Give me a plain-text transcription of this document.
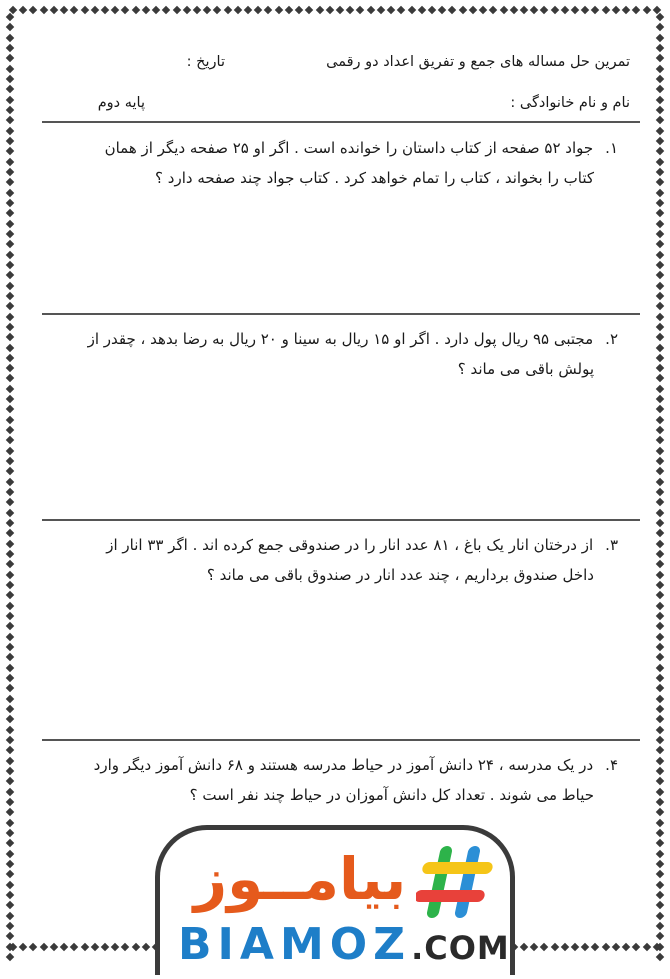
تمرین حل مساله های جمع و تفریق اعداد دو رقمی
تاریخ :
نام و نام خانوادگی :
پایه دوم
۱.جواد ۵۲ صفحه از کتاب داستان را خوانده است . اگر او ۲۵ صفحه دیگر از همان
کتاب را بخواند ، کتاب را تمام خواهد کرد . کتاب جواد چند صفحه دارد ؟
۲.مجتبی ۹۵ ریال پول دارد . اگر او ۱۵ ریال به سینا و ۲۰ ریال به رضا بدهد ، چقدر از
پولش باقی می ماند ؟
۳.از درختان انار یک باغ ، ۸۱ عدد انار را در صندوقی جمع کرده اند . اگر ۳۳ انار از
داخل صندوق برداریم ، چند عدد انار در صندوق باقی می ماند ؟
۴.در یک مدرسه ، ۲۴ دانش آموز در حیاط مدرسه هستند و ۶۸ دانش آموز دیگر وارد
حیاط می شوند . تعداد کل دانش آموزان در حیاط چند نفر است ؟
بیامــوز
BIAMOZ.COM
